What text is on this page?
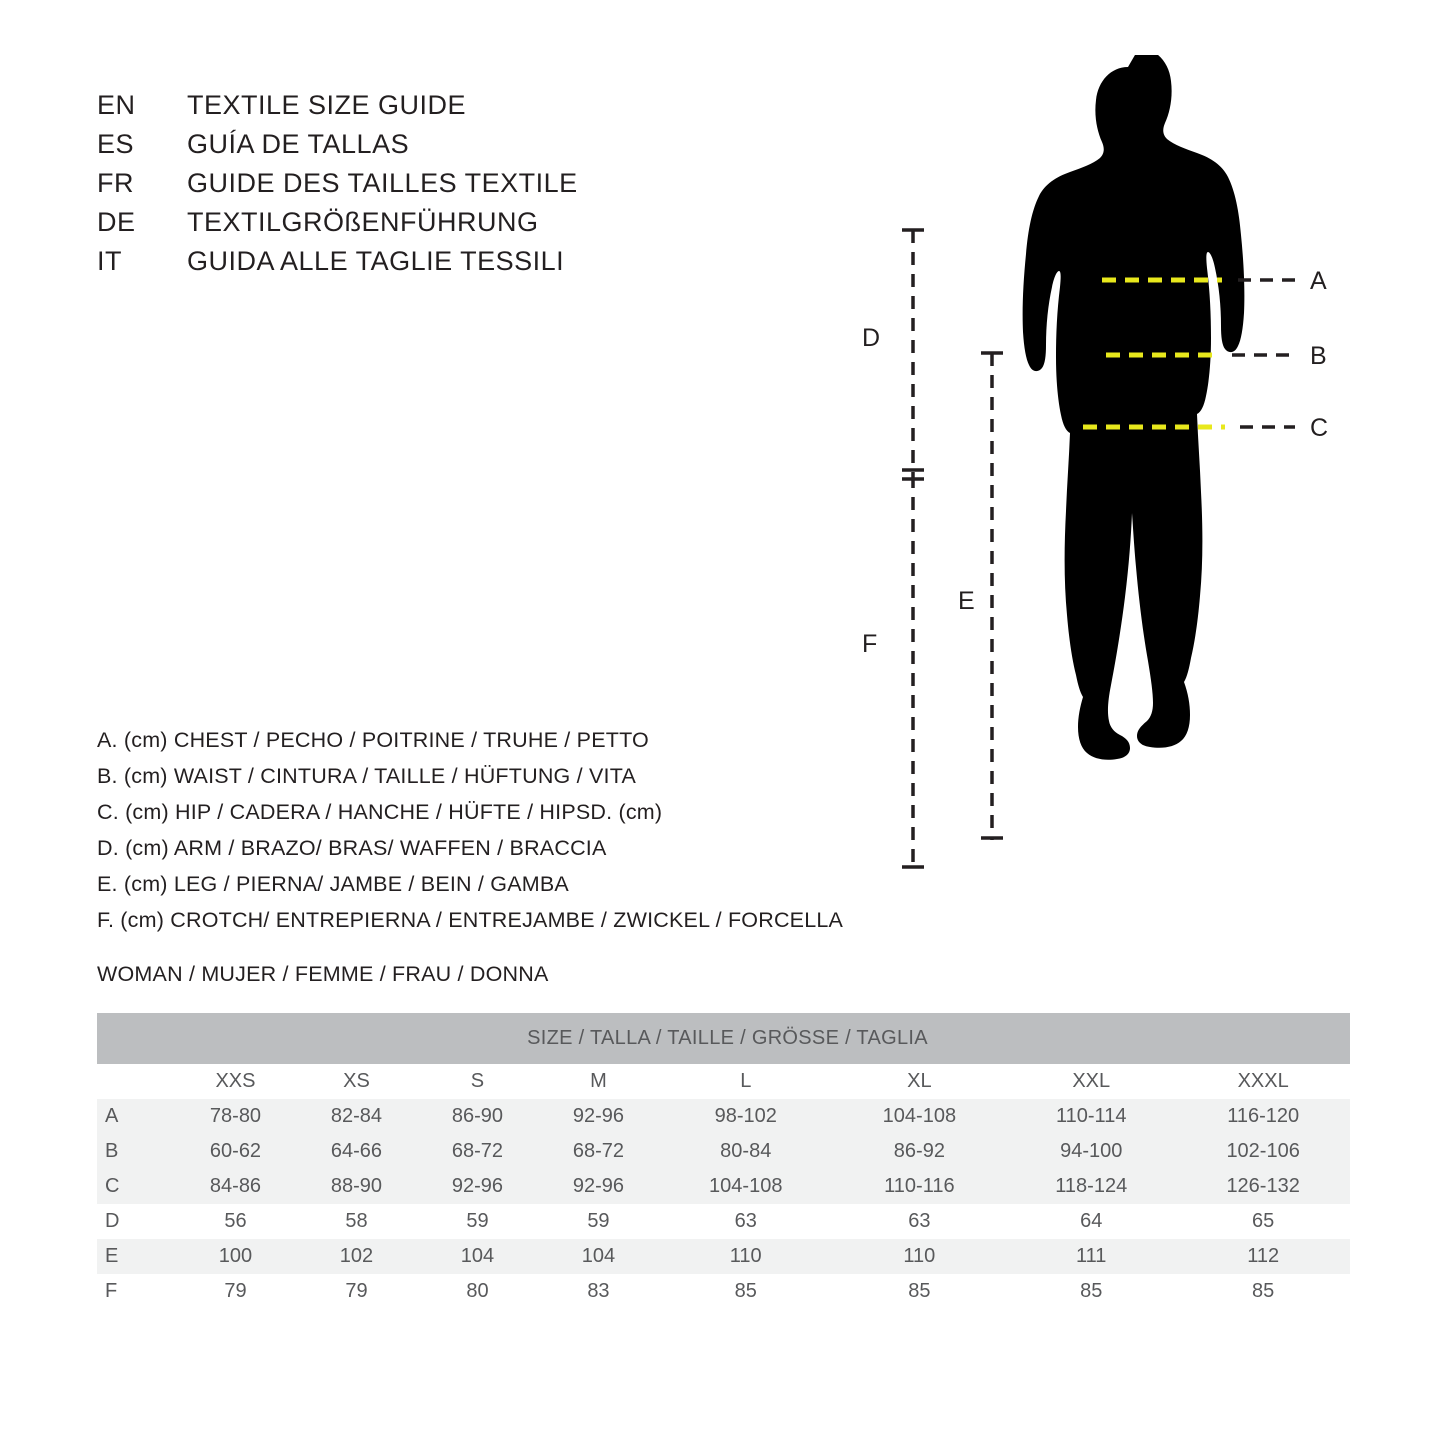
EN	TEXTILE SIZE GUIDE
ES	GUÍA DE TALLAS
FR	GUIDE DES TAILLES TEXTILE
DE	TEXTILGRÖßENFÜHRUNG
IT	GUIDA ALLE TAGLIE TESSILI
A. (cm) CHEST / PECHO / POITRINE / TRUHE / PETTO
B. (cm) WAIST / CINTURA / TAILLE / HÜFTUNG / VITA
C. (cm) HIP / CADERA / HANCHE / HÜFTE / HIPSD. (cm)
D. (cm) ARM / BRAZO/ BRAS/ WAFFEN / BRACCIA
E. (cm) LEG / PIERNA/ JAMBE / BEIN / GAMBA
F. (cm) CROTCH/ ENTREPIERNA / ENTREJAMBE / ZWICKEL / FORCELLA
WOMAN / MUJER / FEMME / FRAU / DONNA
SIZE / TALLA / TAILLE / GRÖSSE / TAGLIA								
	XXS	XS	S	M	L	XL	XXL	XXXL
A	78-80	82-84	86-90	92-96	98-102	104-108	110-114	116-120
B	60-62	64-66	68-72	68-72	80-84	86-92	94-100	102-106
C	84-86	88-90	92-96	92-96	104-108	110-116	118-124	126-132
D	56	58	59	59	63	63	64	65
E	100	102	104	104	110	110	111	112
F	79	79	80	83	85	85	85	85
A
B
C
D
F
E
